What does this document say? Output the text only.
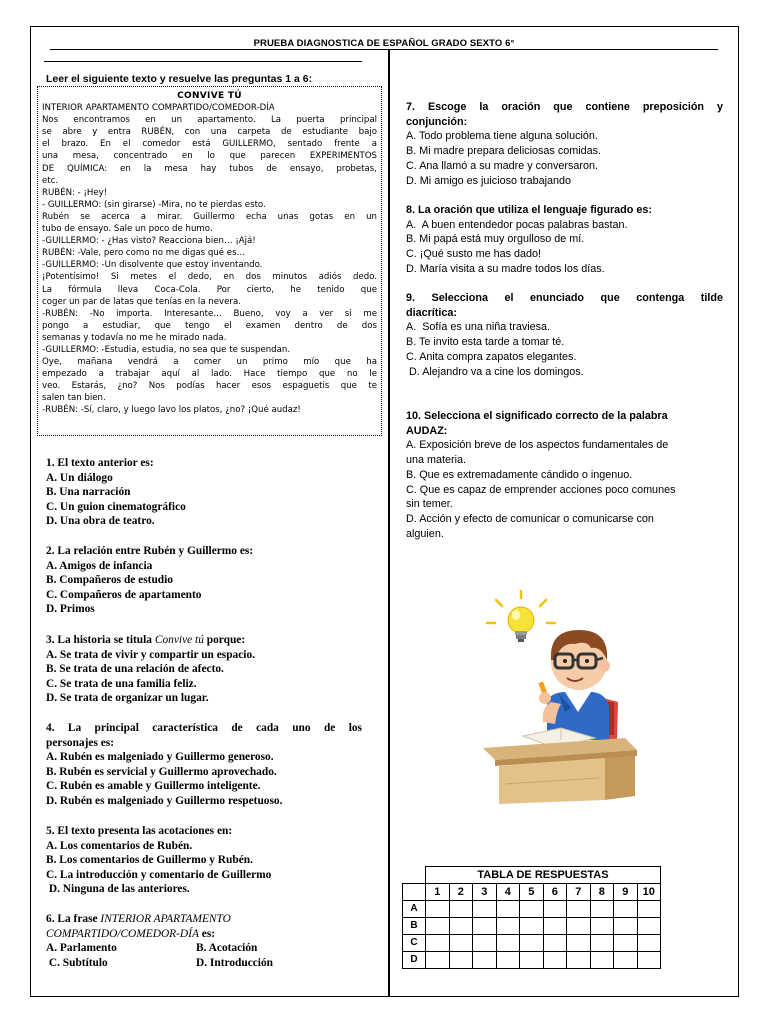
PRUEBA DIAGNOSTICA DE ESPAÑOL GRADO SEXTO 6°
Leer el siguiente texto y resuelve las preguntas 1 a 6:
CONVIVE TÚ
INTERIOR APARTAMENTO COMPARTIDO/COMEDOR-DÍA
Nos encontramos en un apartamento. La puerta principal
se abre y entra RUBÉN, con una carpeta de estudiante bajo
el brazo. En el comedor está GUILLERMO, sentado frente a
una mesa, concentrado en lo que parecen EXPERIMENTOS
DE QUÍMICA: en la mesa hay tubos de ensayo, probetas,
etc.
RUBÉN: - ¡Hey!
- GUILLERMO: (sin girarse) -Mira, no te pierdas esto.
Rubén se acerca a mirar. Guillermo echa unas gotas en un
tubo de ensayo. Sale un poco de humo.
-GUILLERMO: - ¿Has visto? Reacciona bien… ¡Ajá!
RUBÉN: -Vale, pero como no me digas qué es…
-GUILLERMO: -Un disolvente que estoy inventando.
¡Potentísimo! Si metes el dedo, en dos minutos adiós dedo.
La fórmula lleva Coca-Cola. Por cierto, he tenido que
coger un par de latas que tenías en la nevera.
-RUBÉN: -No importa. Interesante… Bueno, voy a ver si me
pongo a estudiar, que tengo el examen dentro de dos
semanas y todavía no me he mirado nada.
-GUILLERMO: -Estudia, estudia, no sea que te suspendan.
Oye, mañana vendrá a comer un primo mío que ha
empezado a trabajar aquí al lado. Hace tiempo que no le
veo. Estarás, ¿no? Nos podías hacer esos espaguetis que te
salen tan bien.
-RUBÉN: -Sí, claro, y luego lavo los platos, ¿no? ¡Qué audaz!
1. El texto anterior es:
A. Un diálogo
B. Una narración
C. Un guion cinematográfico
D. Una obra de teatro.
2. La relación entre Rubén y Guillermo es:
A. Amigos de infancia
B. Compañeros de estudio
C. Compañeros de apartamento
D. Primos
3. La historia se titula Convive tú porque:
A. Se trata de vivir y compartir un espacio.
B. Se trata de una relación de afecto.
C. Se trata de una familia feliz.
D. Se trata de organizar un lugar.
4. La principal característica de cada uno de los
personajes es:
A. Rubén es malgeniado y Guillermo generoso.
B. Rubén es servicial y Guillermo aprovechado.
C. Rubén es amable y Guillermo inteligente.
D. Rubén es malgeniado y Guillermo respetuoso.
5. El texto presenta las acotaciones en:
A. Los comentarios de Rubén.
B. Los comentarios de Guillermo y Rubén.
C. La introducción y comentario de Guillermo
D. Ninguna de las anteriores.
6. La frase INTERIOR APARTAMENTO
COMPARTIDO/COMEDOR-DÍA es:
A. Parlamento	B. Acotación
C. Subtítulo	D. Introducción
7. Escoge la oración que contiene preposición y
conjunción:
A. Todo problema tiene alguna solución.
B. Mi madre prepara deliciosas comidas.
C. Ana llamó a su madre y conversaron.
D. Mi amigo es juicioso trabajando
8. La oración que utiliza el lenguaje figurado es:
A.  A buen entendedor pocas palabras bastan.
B. Mi papá está muy orgulloso de mí.
C. ¡Qué susto me has dado!
D. María visita a su madre todos los días.
9. Selecciona el enunciado que contenga tilde
diacrítica:
A.  Sofía es una niña traviesa.
B. Te invito esta tarde a tomar té.
C. Anita compra zapatos elegantes.
D. Alejandro va a cine los domingos.
10. Selecciona el significado correcto de la palabra
AUDAZ:
A. Exposición breve de los aspectos fundamentales de
una materia.
B. Que es extremadamente cándido o ingenuo.
C. Que es capaz de emprender acciones poco comunes
sin temer.
D. Acción y efecto de comunicar o comunicarse con
alguien.
	TABLA DE RESPUESTAS									
	1	2	3	4	5	6	7	8	9	10
A										
B										
C										
D										
